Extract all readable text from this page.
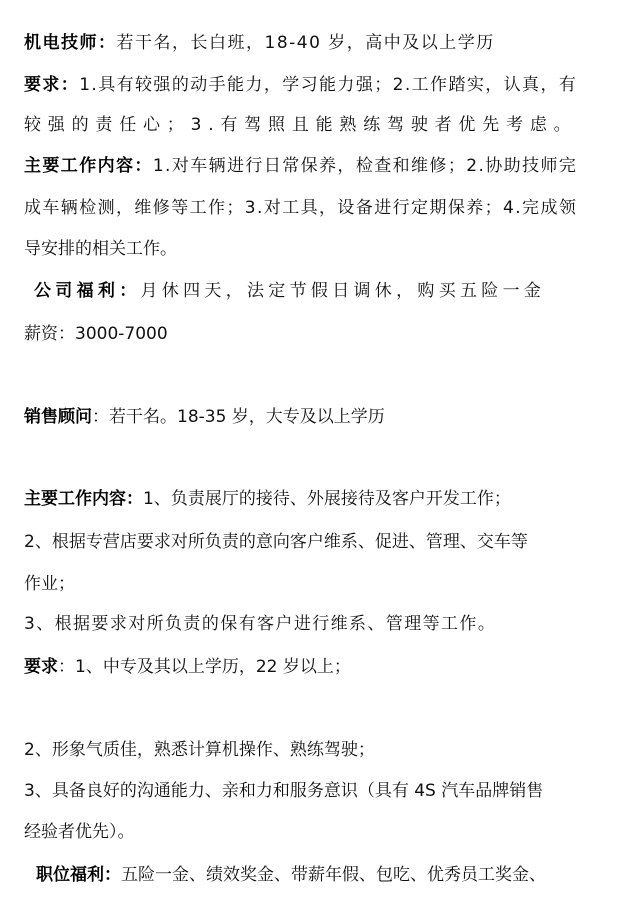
机电技师：若干名，长白班，18-40 岁，高中及以上学历
要求：1.具有较强的动手能力，学习能力强；2.工作踏实，认真，有
较强的责任心；3.有驾照且能熟练驾驶者优先考虑。
主要工作内容：1.对车辆进行日常保养，检查和维修；2.协助技师完
成车辆检测，维修等工作；3.对工具，设备进行定期保养；4.完成领
导安排的相关工作。
公司福利：月休四天，法定节假日调休，购买五险一金
薪资：3000-7000
销售顾问：若干名。18-35 岁，大专及以上学历
主要工作内容：1、负责展厅的接待、外展接待及客户开发工作；
2、根据专营店要求对所负责的意向客户维系、促进、管理、交车等
作业；
3、根据要求对所负责的保有客户进行维系、管理等工作。
要求：1、中专及其以上学历，22 岁以上；
2、形象气质佳，熟悉计算机操作、熟练驾驶；
3、具备良好的沟通能力、亲和力和服务意识（具有 4S 汽车品牌销售
经验者优先）。
职位福利：五险一金、绩效奖金、带薪年假、包吃、优秀员工奖金、
